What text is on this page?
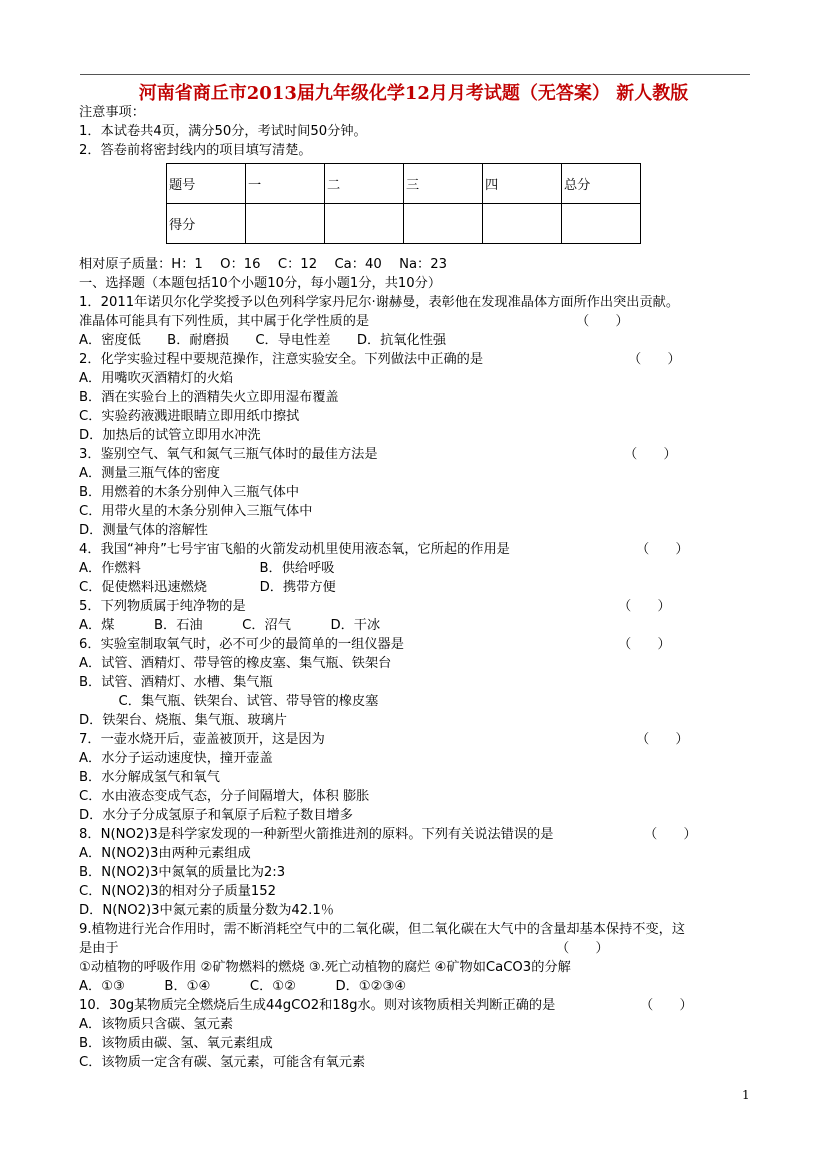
河南省商丘市2013届九年级化学12月月考试题（无答案） 新人教版
注意事项：
1．本试卷共4页，满分50分，考试时间50分钟。
2．答卷前将密封线内的项目填写清楚。
题号	一	二	三	四	总分
得分					
相对原子质量：H：1　 O：16　 C：12　 Ca：40　 Na：23
一、选择题（本题包括10个小题10分，每小题1分，共10分）
1．2011年诺贝尔化学奖授予以色列科学家丹尼尔·谢赫曼，表彰他在发现准晶体方面所作出突出贡献。
准晶体可能具有下列性质，其中属于化学性质的是
A．密度低　　B．耐磨损　　C．导电性差　　D．抗氧化性强
2．化学实验过程中要规范操作，注意实验安全。下列做法中正确的是
A．用嘴吹灭酒精灯的火焰
B．酒在实验台上的酒精失火立即用湿布覆盖
C．实验药液溅进眼睛立即用纸巾擦拭
D．加热后的试管立即用水冲洗
3．鉴别空气、氧气和氮气三瓶气体时的最佳方法是
A．测量三瓶气体的密度
B．用燃着的木条分别伸入三瓶气体中
C．用带火星的木条分别伸入三瓶气体中
D．测量气体的溶解性
4．我国“神舟”七号宇宙飞船的火箭发动机里使用液态氧，它所起的作用是
A．作燃料　　　　　　　　　B．供给呼吸
C．促使燃料迅速燃烧　　　　D．携带方便
5．下列物质属于纯净物的是
A．煤　　　B．石油　　　C．沼气　　　D．干冰
6．实验室制取氧气时，必不可少的最简单的一组仪器是
A．试管、酒精灯、带导管的橡皮塞、集气瓶、铁架台
B．试管、酒精灯、水槽、集气瓶
　　　C．集气瓶、铁架台、试管、带导管的橡皮塞
D．铁架台、烧瓶、集气瓶、玻璃片
7．一壶水烧开后，壶盖被顶开，这是因为
A．水分子运动速度快，撞开壶盖
B．水分解成氢气和氧气
C．水由液态变成气态，分子间隔增大，体积 膨胀
D．水分子分成氢原子和氧原子后粒子数目增多
8．N(NO2)3是科学家发现的一种新型火箭推进剂的原料。下列有关说法错误的是
A．N(NO2)3由两种元素组成
B．N(NO2)3中氮氧的质量比为2:3
C．N(NO2)3的相对分子质量152
D．N(NO2)3中氮元素的质量分数为42.1％
9.植物进行光合作用时，需不断消耗空气中的二氧化碳，但二氧化碳在大气中的含量却基本保持不变，这
是由于
①动植物的呼吸作用 ②矿物燃料的燃烧 ③.死亡动植物的腐烂 ④矿物如CaCO3的分解
A．①③　　　B．①④　　　C．①②　　　D．①②③④
10．30g某物质完全燃烧后生成44gCO2和18g水。则对该物质相关判断正确的是
A．该物质只含碳、氢元素
B．该物质由碳、氢、氧元素组成
C．该物质一定含有碳、氢元素，可能含有氧元素
（　　）
（　　）
（　　）
（　　）
（　　）
（　　）
（　　）
（　　）
（　　）
（　　）
1
